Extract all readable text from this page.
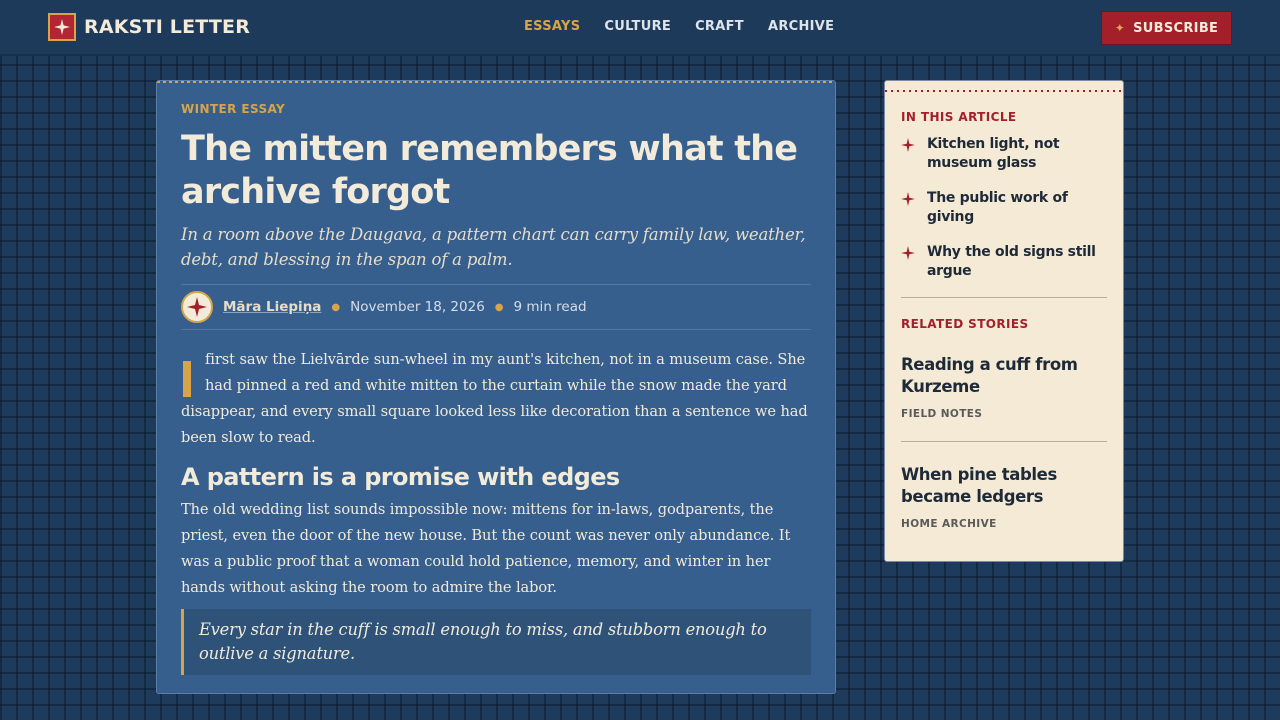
RAKSTI LETTER	ESSAYS CULTURE CRAFT ARCHIVE	✦ SUBSCRIBE
WINTER ESSAY
The mitten remembers what the archive forgot

In a room above the Daugava, a pattern chart can carry family law, weather, debt, and blessing in the span of a palm.

Māra Liepiņa ● November 18, 2026 ● 9 min read

first saw the Lielvārde sun-wheel in my aunt's kitchen, not in a museum case. She had pinned a red and white mitten to the curtain while the snow made the yard disappear, and every small square looked less like decoration than a sentence we had been slow to read.

A pattern is a promise with edges

The old wedding list sounds impossible now: mittens for in-laws, godparents, the priest, even the door of the new house. But the count was never only abundance. It was a public proof that a woman could hold patience, memory, and winter in her hands without asking the room to admire the labor.

Every star in the cuff is small enough to miss, and stubborn enough to outlive a signature.
IN THIS ARTICLE
Kitchen light, not museum glass
The public work of giving
Why the old signs still argue
RELATED STORIES
Reading a cuff from Kurzeme
FIELD NOTES
When pine tables became ledgers
HOME ARCHIVE
